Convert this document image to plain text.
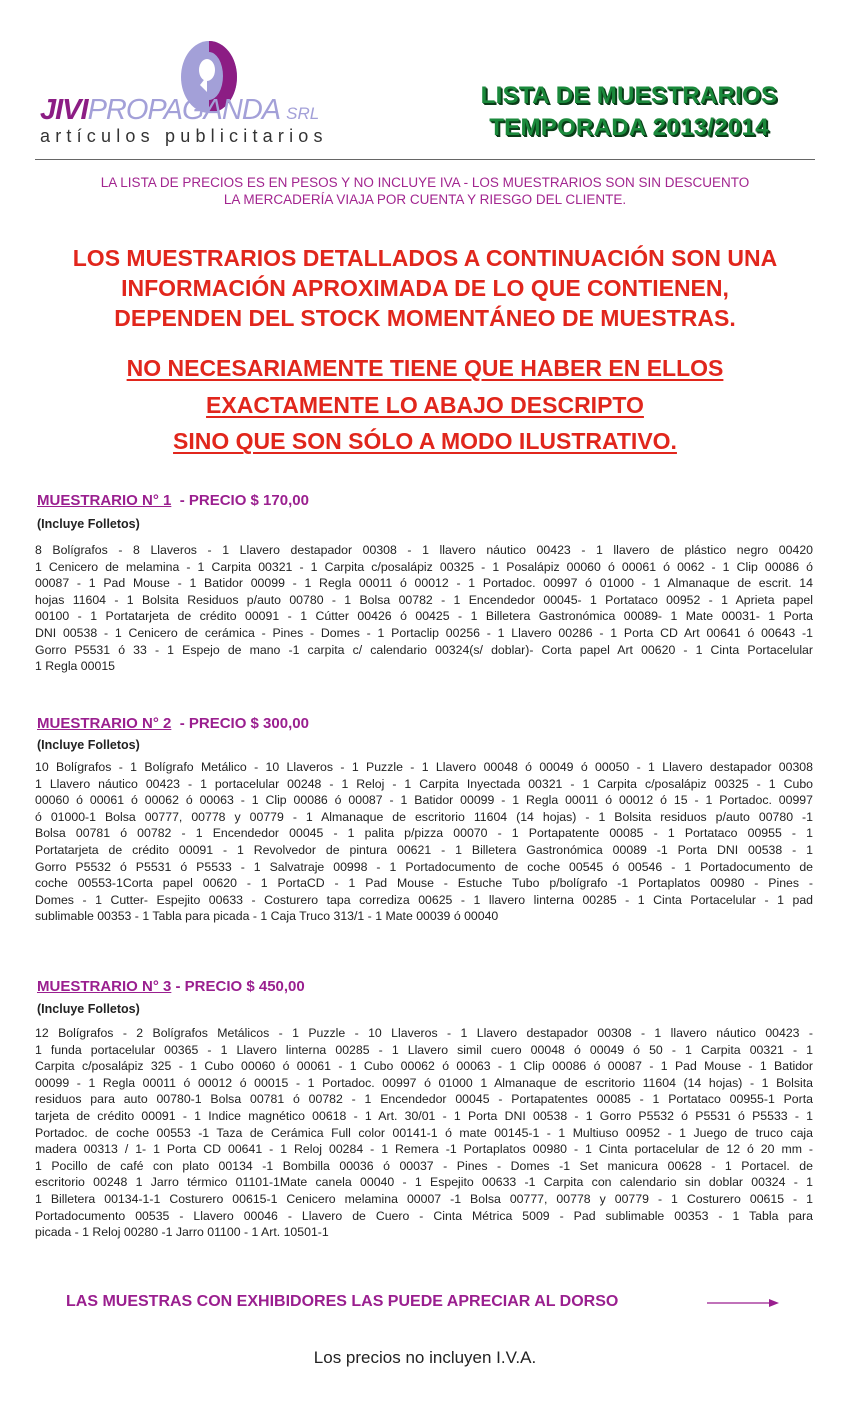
JIVIPROPAGANDA SRL
artículos publicitarios
LISTA DE MUESTRARIOS
TEMPORADA 2013/2014
LA LISTA DE PRECIOS ES EN PESOS Y NO INCLUYE IVA - LOS MUESTRARIOS SON SIN DESCUENTO
LA MERCADERÍA VIAJA POR CUENTA Y RIESGO DEL CLIENTE.
LOS MUESTRARIOS DETALLADOS A CONTINUACIÓN SON UNA
INFORMACIÓN APROXIMADA DE LO QUE CONTIENEN,
DEPENDEN DEL STOCK MOMENTÁNEO DE MUESTRAS.
NO NECESARIAMENTE TIENE QUE HABER EN ELLOS
EXACTAMENTE LO ABAJO DESCRIPTO
SINO QUE SON SÓLO A MODO ILUSTRATIVO.
MUESTRARIO N° 1 - PRECIO $ 170,00
(Incluye Folletos)
8 Bolígrafos - 8 Llaveros - 1 Llavero destapador 00308 - 1 llavero náutico 00423 - 1 llavero de plástico negro 00420
1 Cenicero de melamina - 1 Carpita 00321 - 1 Carpita c/posalápiz 00325 - 1 Posalápiz 00060 ó 00061 ó 0062 - 1 Clip 00086 ó
00087 - 1 Pad Mouse - 1 Batidor 00099 - 1 Regla 00011 ó 00012 - 1 Portadoc. 00997 ó 01000 - 1 Almanaque de escrit. 14
hojas 11604 - 1 Bolsita Residuos p/auto 00780 - 1 Bolsa 00782 - 1 Encendedor 00045- 1 Portataco 00952 - 1 Aprieta papel
00100 - 1 Portatarjeta de crédito 00091 - 1 Cútter 00426 ó 00425 - 1 Billetera Gastronómica 00089- 1 Mate 00031- 1 Porta
DNI 00538 - 1 Cenicero de cerámica - Pines - Domes - 1 Portaclip 00256 - 1 Llavero 00286 - 1 Porta CD Art 00641 ó 00643 -1
Gorro P5531 ó 33 - 1 Espejo de mano -1 carpita c/ calendario 00324(s/ doblar)- Corta papel Art 00620 - 1 Cinta Portacelular
1 Regla 00015
MUESTRARIO N° 2 - PRECIO $ 300,00
(Incluye Folletos)
10 Bolígrafos - 1 Bolígrafo Metálico - 10 Llaveros - 1 Puzzle - 1 Llavero 00048 ó 00049 ó 00050 - 1 Llavero destapador 00308
1 Llavero náutico 00423 - 1 portacelular 00248 - 1 Reloj - 1 Carpita Inyectada 00321 - 1 Carpita c/posalápiz 00325 - 1 Cubo
00060 ó 00061 ó 00062 ó 00063 - 1 Clip 00086 ó 00087 - 1 Batidor 00099 - 1 Regla 00011 ó 00012 ó 15 - 1 Portadoc. 00997
ó 01000-1 Bolsa 00777, 00778 y 00779 - 1 Almanaque de escritorio 11604 (14 hojas) - 1 Bolsita residuos p/auto 00780 -1
Bolsa 00781 ó 00782 - 1 Encendedor 00045 - 1 palita p/pizza 00070 - 1 Portapatente 00085 - 1 Portataco 00955 - 1
Portatarjeta de crédito 00091 - 1 Revolvedor de pintura 00621 - 1 Billetera Gastronómica 00089 -1 Porta DNI 00538 - 1
Gorro P5532 ó P5531 ó P5533 - 1 Salvatraje 00998 - 1 Portadocumento de coche 00545 ó 00546 - 1 Portadocumento de
coche 00553-1Corta papel 00620 - 1 PortaCD - 1 Pad Mouse - Estuche Tubo p/bolígrafo -1 Portaplatos 00980 - Pines -
Domes - 1 Cutter- Espejito 00633 - Costurero tapa corrediza 00625 - 1 llavero linterna 00285 - 1 Cinta Portacelular - 1 pad
sublimable 00353 - 1 Tabla para picada - 1 Caja Truco 313/1 - 1 Mate 00039 ó 00040
MUESTRARIO N° 3 - PRECIO $ 450,00
(Incluye Folletos)
12 Bolígrafos - 2 Bolígrafos Metálicos - 1 Puzzle - 10 Llaveros - 1 Llavero destapador 00308 - 1 llavero náutico 00423 -
1 funda portacelular 00365 - 1 Llavero linterna 00285 - 1 Llavero simil cuero 00048 ó 00049 ó 50 - 1 Carpita 00321 - 1
Carpita c/posalápiz 325 - 1 Cubo 00060 ó 00061 - 1 Cubo 00062 ó 00063 - 1 Clip 00086 ó 00087 - 1 Pad Mouse - 1 Batidor
00099 - 1 Regla 00011 ó 00012 ó 00015 - 1 Portadoc. 00997 ó 01000 1 Almanaque de escritorio 11604 (14 hojas) - 1 Bolsita
residuos para auto 00780-1 Bolsa 00781 ó 00782 - 1 Encendedor 00045 - Portapatentes 00085 - 1 Portataco 00955-1 Porta
tarjeta de crédito 00091 - 1 Indice magnético 00618 - 1 Art. 30/01 - 1 Porta DNI 00538 - 1 Gorro P5532 ó P5531 ó P5533 - 1
Portadoc. de coche 00553 -1 Taza de Cerámica Full color 00141-1 ó mate 00145-1 - 1 Multiuso 00952 - 1 Juego de truco caja
madera 00313 / 1- 1 Porta CD 00641 - 1 Reloj 00284 - 1 Remera -1 Portaplatos 00980 - 1 Cinta portacelular de 12 ó 20 mm -
1 Pocillo de café con plato 00134 -1 Bombilla 00036 ó 00037 - Pines - Domes -1 Set manicura 00628 - 1 Portacel. de
escritorio 00248 1 Jarro térmico 01101-1Mate canela 00040 - 1 Espejito 00633 -1 Carpita con calendario sin doblar 00324 - 1
1 Billetera 00134-1-1 Costurero 00615-1 Cenicero melamina 00007 -1 Bolsa 00777, 00778 y 00779 - 1 Costurero 00615 - 1
Portadocumento 00535 - Llavero 00046 - Llavero de Cuero - Cinta Métrica 5009 - Pad sublimable 00353 - 1 Tabla para
picada - 1 Reloj 00280 -1 Jarro 01100 - 1 Art. 10501-1
LAS MUESTRAS CON EXHIBIDORES LAS PUEDE APRECIAR AL DORSO
Los precios no incluyen I.V.A.
